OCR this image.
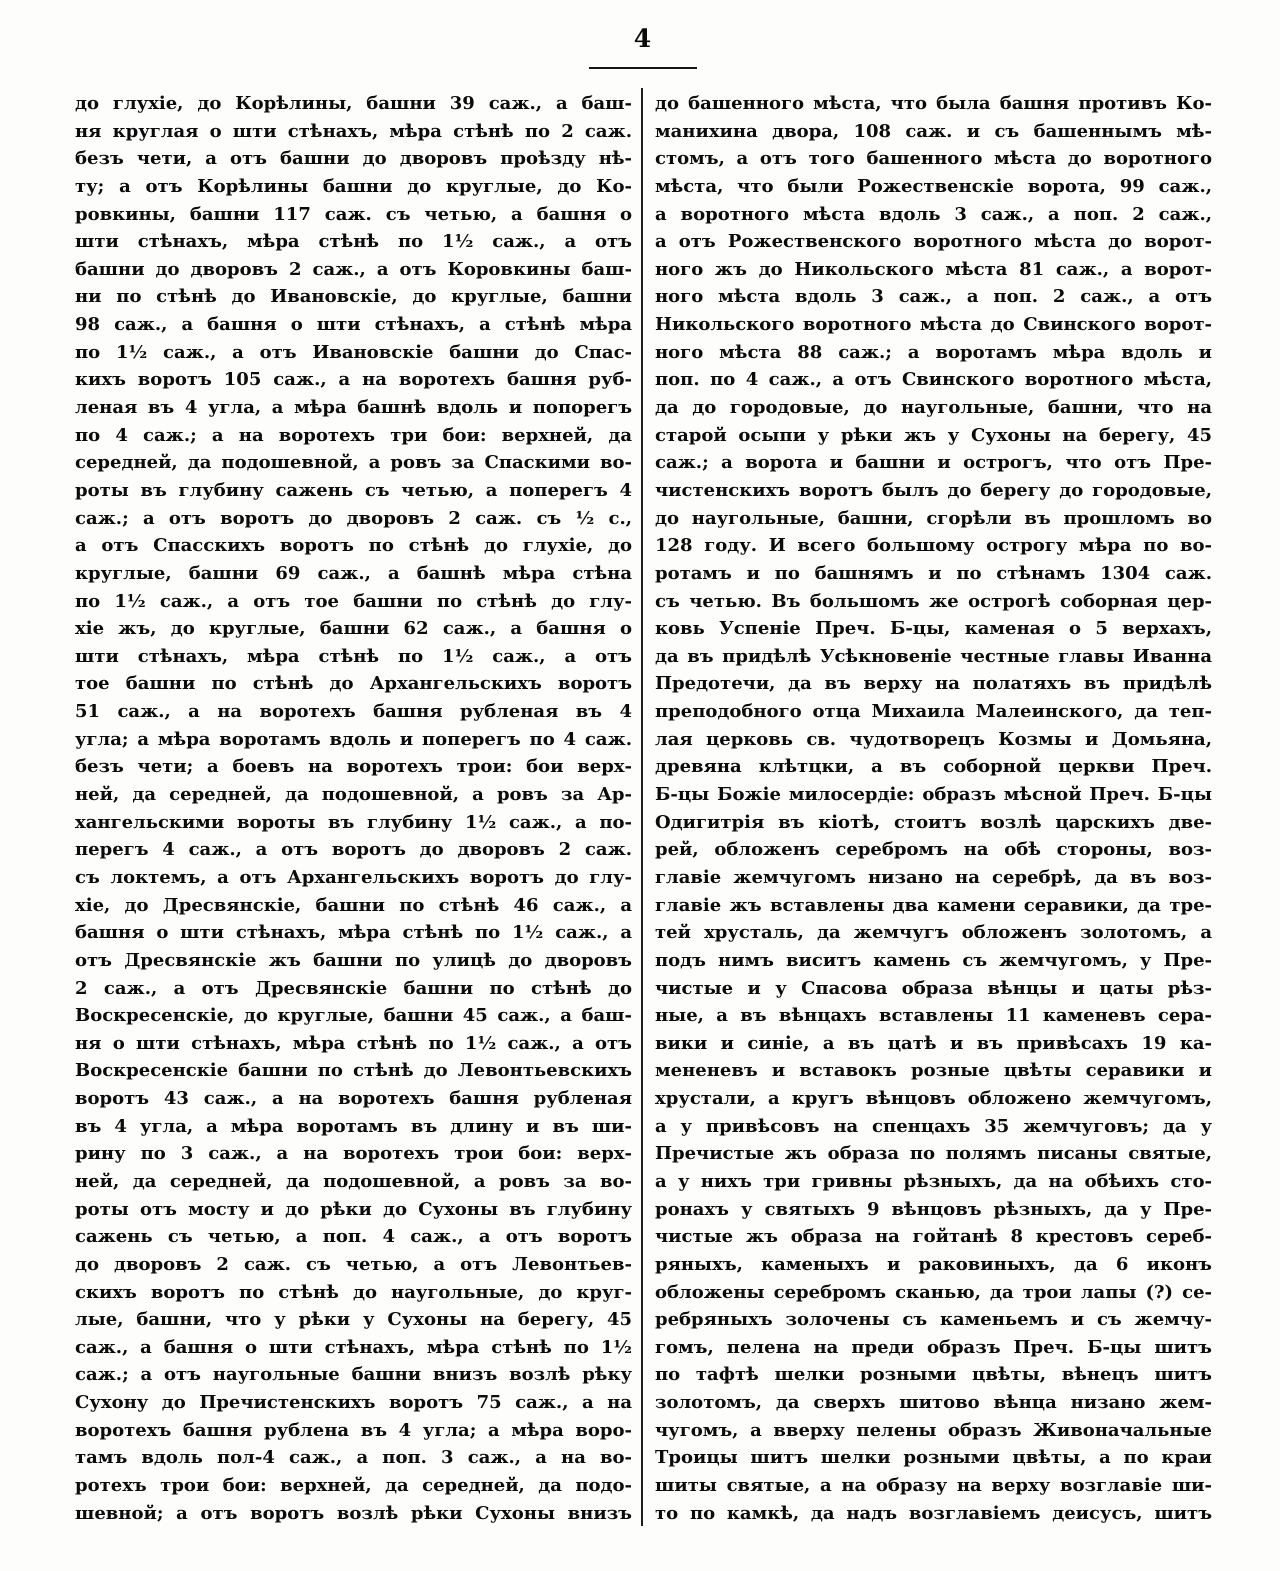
4
до глухіе, до Корѣлины, башни 39 саж., а баш-
ня круглая о шти стѣнахъ, мѣра стѣнѣ по 2 саж.
безъ чети, а отъ башни до дворовъ проѣзду нѣ-
ту; а отъ Корѣлины башни до круглые, до Ко-
ровкины, башни 117 саж. съ четью, а башня о
шти стѣнахъ, мѣра стѣнѣ по 1½ саж., а отъ
башни до дворовъ 2 саж., а отъ Коровкины баш-
ни по стѣнѣ до Ивановскіе, до круглые, башни
98 саж., а башня о шти стѣнахъ, а стѣнѣ мѣра
по 1½ саж., а отъ Ивановскіе башни до Спас-
кихъ воротъ 105 саж., а на воротехъ башня руб-
леная въ 4 угла, а мѣра башнѣ вдоль и попорегъ
по 4 саж.; а на воротехъ три бои: верхней, да
середней, да подошевной, а ровъ за Спаскими во-
роты въ глубину сажень съ четью, а поперегъ 4
саж.; а отъ воротъ до дворовъ 2 саж. съ ½ с.,
а отъ Спасскихъ воротъ по стѣнѣ до глухіе, до
круглые, башни 69 саж., а башнѣ мѣра стѣна
по 1½ саж., а отъ тое башни по стѣнѣ до глу-
хіе жъ, до круглые, башни 62 саж., а башня о
шти стѣнахъ, мѣра стѣнѣ по 1½ саж., а отъ
тое башни по стѣнѣ до Архангельскихъ воротъ
51 саж., а на воротехъ башня рубленая въ 4
угла; а мѣра воротамъ вдоль и поперегъ по 4 саж.
безъ чети; а боевъ на воротехъ трои: бои верх-
ней, да середней, да подошевной, а ровъ за Ар-
хангельскими вороты въ глубину 1½ саж., а по-
перегъ 4 саж., а отъ воротъ до дворовъ 2 саж.
съ локтемъ, а отъ Архангельскихъ воротъ до глу-
хіе, до Дресвянскіе, башни по стѣнѣ 46 саж., а
башня о шти стѣнахъ, мѣра стѣнѣ по 1½ саж., а
отъ Дресвянскіе жъ башни по улицѣ до дворовъ
2 саж., а отъ Дресвянскіе башни по стѣнѣ до
Воскресенскіе, до круглые, башни 45 саж., а баш-
ня о шти стѣнахъ, мѣра стѣнѣ по 1½ саж., а отъ
Воскресенскіе башни по стѣнѣ до Левонтьевскихъ
воротъ 43 саж., а на воротехъ башня рубленая
въ 4 угла, а мѣра воротамъ въ длину и въ ши-
рину по 3 саж., а на воротехъ трои бои: верх-
ней, да середней, да подошевной, а ровъ за во-
роты отъ мосту и до рѣки до Сухоны въ глубину
сажень съ четью, а поп. 4 саж., а отъ воротъ
до дворовъ 2 саж. съ четью, а отъ Левонтьев-
скихъ воротъ по стѣнѣ до наугольные, до круг-
лые, башни, что у рѣки у Сухоны на берегу, 45
саж., а башня о шти стѣнахъ, мѣра стѣнѣ по 1½
саж.; а отъ наугольные башни внизъ возлѣ рѣку
Сухону до Пречистенскихъ воротъ 75 саж., а на
воротехъ башня рублена въ 4 угла; а мѣра воро-
тамъ вдоль пол-4 саж., а поп. 3 саж., а на во-
ротехъ трои бои: верхней, да середней, да подо-
шевной; а отъ воротъ возлѣ рѣки Сухоны внизъ
до башенного мѣста, что была башня противъ Ко-
манихина двора, 108 саж. и съ башеннымъ мѣ-
стомъ, а отъ того башенного мѣста до воротного
мѣста, что были Рожественскіе ворота, 99 саж.,
а воротного мѣста вдоль 3 саж., а поп. 2 саж.,
а отъ Рожественского воротного мѣста до ворот-
ного жъ до Никольского мѣста 81 саж., а ворот-
ного мѣста вдоль 3 саж., а поп. 2 саж., а отъ
Никольского воротного мѣста до Свинского ворот-
ного мѣста 88 саж.; а воротамъ мѣра вдоль и
поп. по 4 саж., а отъ Свинского воротного мѣста,
да до городовые, до наугольные, башни, что на
старой осыпи у рѣки жъ у Сухоны на берегу, 45
саж.; а ворота и башни и острогъ, что отъ Пре-
чистенскихъ воротъ былъ до берегу до городовые,
до наугольные, башни, сгорѣли въ прошломъ во
128 году. И всего большому острогу мѣра по во-
ротамъ и по башнямъ и по стѣнамъ 1304 саж.
съ четью. Въ большомъ же острогѣ соборная цер-
ковь Успеніе Преч. Б-цы, каменая о 5 верхахъ,
да въ придѣлѣ Усѣкновеніе честные главы Иванна
Предотечи, да въ верху на полатяхъ въ придѣлѣ
преподобного отца Михаила Малеинского, да теп-
лая церковь св. чудотворецъ Козмы и Домьяна,
древяна клѣтцки, а въ соборной церкви Преч.
Б-цы Божіе милосердіе: образъ мѣсной Преч. Б-цы
Одигитрія въ кіотѣ, стоитъ возлѣ царскихъ две-
рей, обложенъ серебромъ на обѣ стороны, воз-
главіе жемчугомъ низано на серебрѣ, да въ воз-
главіе жъ вставлены два камени серавики, да тре-
тей хрусталь, да жемчугъ обложенъ золотомъ, а
подъ нимъ виситъ камень съ жемчугомъ, у Пре-
чистые и у Спасова образа вѣнцы и цаты рѣз-
ные, а въ вѣнцахъ вставлены 11 каменевъ сера-
вики и синіе, а въ цатѣ и въ привѣсахъ 19 ка-
мененевъ и вставокъ розные цвѣты серавики и
хрустали, а кругъ вѣнцовъ обложено жемчугомъ,
а у привѣсовъ на спенцахъ 35 жемчуговъ; да у
Пречистые жъ образа по полямъ писаны святые,
а у нихъ три гривны рѣзныхъ, да на обѣихъ сто-
ронахъ у святыхъ 9 вѣнцовъ рѣзныхъ, да у Пре-
чистые жъ образа на гойтанѣ 8 крестовъ сереб-
ряныхъ, каменыхъ и раковиныхъ, да 6 иконъ
обложены серебромъ сканью, да трои лапы (?) се-
ребряныхъ золочены съ каменьемъ и съ жемчу-
гомъ, пелена на преди образъ Преч. Б-цы шитъ
по тафтѣ шелки розными цвѣты, вѣнецъ шитъ
золотомъ, да сверхъ шитово вѣнца низано жем-
чугомъ, а вверху пелены образъ Живоначальные
Троицы шитъ шелки розными цвѣты, а по краи
шиты святые, а на образу на верху возглавіе ши-
то по камкѣ, да надъ возглавіемъ деисусъ, шитъ
